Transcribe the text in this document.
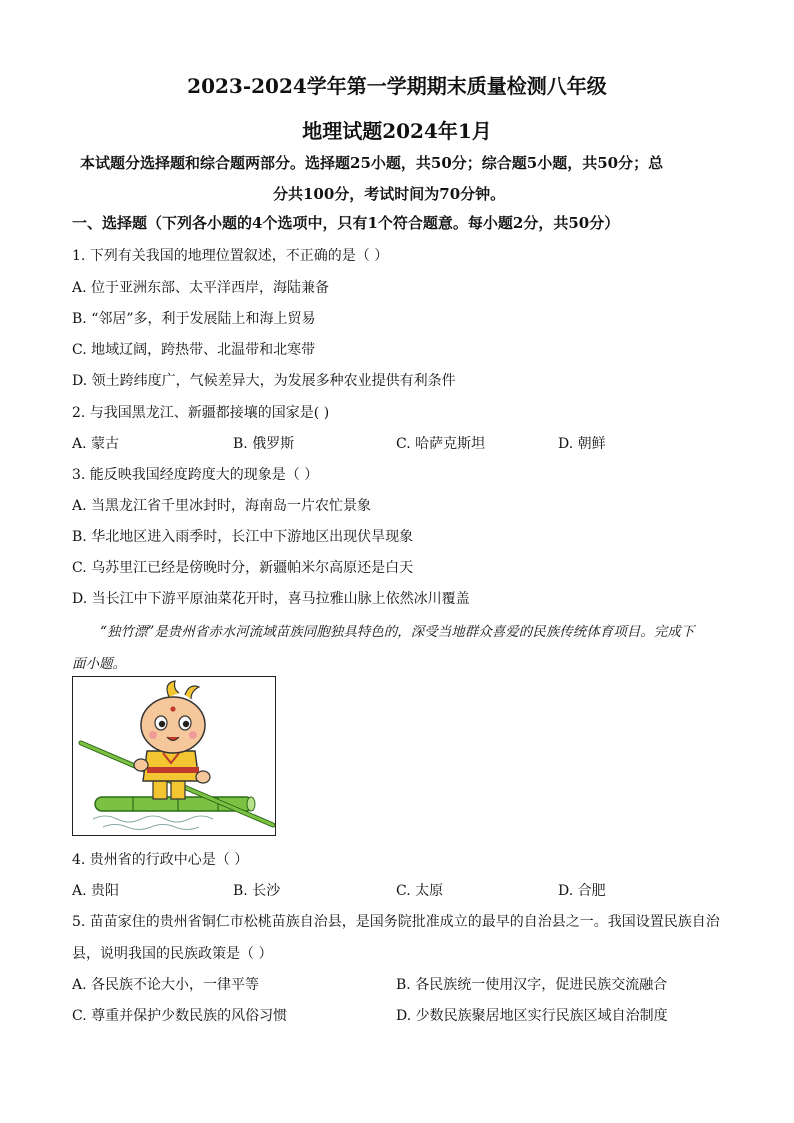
2023-2024学年第一学期期末质量检测八年级
地理试题2024年1月
本试题分选择题和综合题两部分。选择题25小题，共50分；综合题5小题，共50分；总
分共100分，考试时间为70分钟。
一、选择题（下列各小题的4个选项中，只有1个符合题意。每小题2分，共50分）
1. 下列有关我国的地理位置叙述，不正确的是（ ）
A. 位于亚洲东部、太平洋西岸，海陆兼备
B. “邻居”多，利于发展陆上和海上贸易
C. 地域辽阔，跨热带、北温带和北寒带
D. 领土跨纬度广，气候差异大，为发展多种农业提供有利条件
2. 与我国黑龙江、新疆都接壤的国家是( )
A. 蒙古	B. 俄罗斯	C. 哈萨克斯坦	D. 朝鲜
3. 能反映我国经度跨度大的现象是（ ）
A. 当黑龙江省千里冰封时，海南岛一片农忙景象
B. 华北地区进入雨季时，长江中下游地区出现伏旱现象
C. 乌苏里江已经是傍晚时分，新疆帕米尔高原还是白天
D. 当长江中下游平原油菜花开时，喜马拉雅山脉上依然冰川覆盖
“独竹漂”是贵州省赤水河流域苗族同胞独具特色的，深受当地群众喜爱的民族传统体育项目。完成下
面小题。
4. 贵州省的行政中心是（ ）
A. 贵阳	B. 长沙	C. 太原	D. 合肥
5. 苗苗家住的贵州省铜仁市松桃苗族自治县，是国务院批准成立的最早的自治县之一。我国设置民族自治
县，说明我国的民族政策是（ ）
A. 各民族不论大小，一律平等	B. 各民族统一使用汉字，促进民族交流融合
C. 尊重并保护少数民族的风俗习惯	D. 少数民族聚居地区实行民族区域自治制度
